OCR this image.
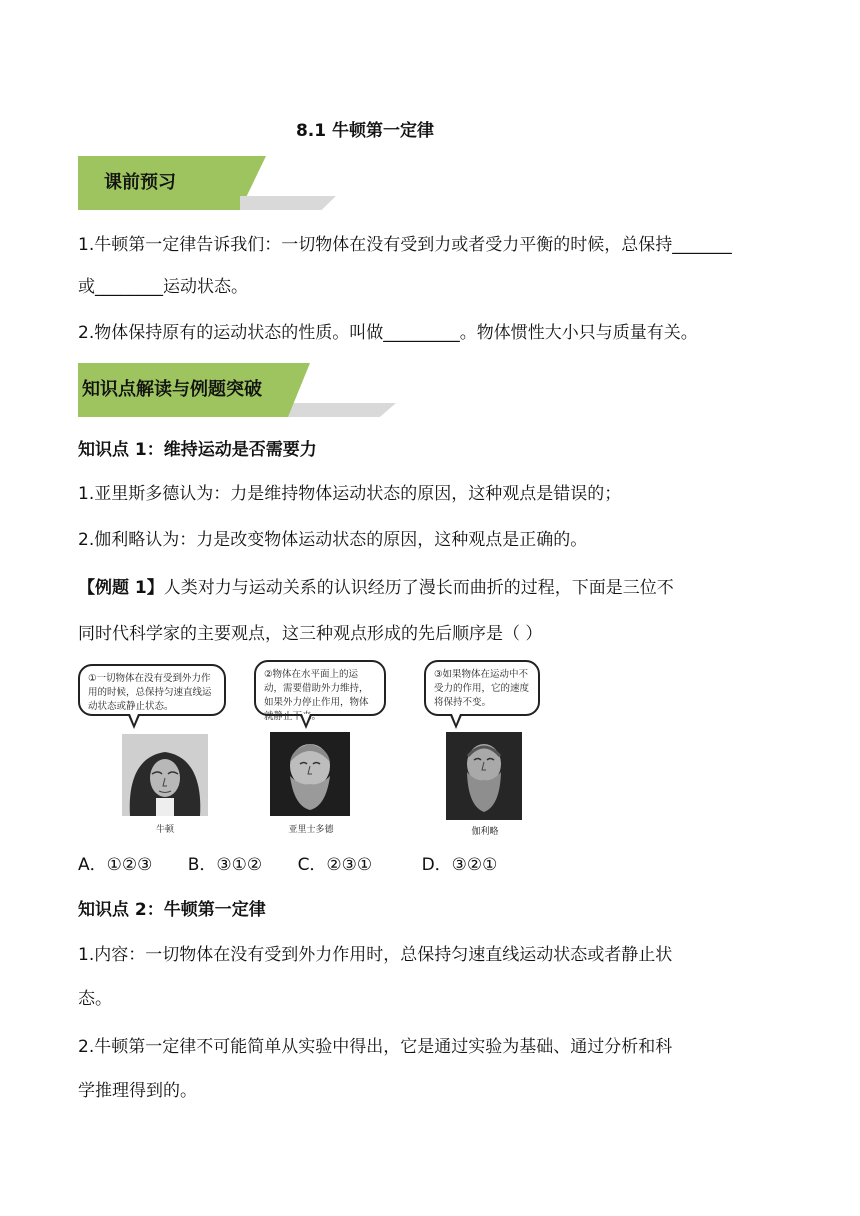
8.1 牛顿第一定律
课前预习
1.牛顿第一定律告诉我们：一切物体在没有受到力或者受力平衡的时候，总保持_______
或________运动状态。
2.物体保持原有的运动状态的性质。叫做_________。物体惯性大小只与质量有关。
知识点解读与例题突破
知识点 1：维持运动是否需要力
1.亚里斯多德认为：力是维持物体运动状态的原因，这种观点是错误的；
2.伽利略认为：力是改变物体运动状态的原因，这种观点是正确的。
【例题 1】人类对力与运动关系的认识经历了漫长而曲折的过程，下面是三位不
同时代科学家的主要观点，这三种观点形成的先后顺序是（ ）
①一切物体在没有受到外力作用的时候，总保持匀速直线运动状态或静止状态。
②物体在水平面上的运动，需要借助外力维持，如果外力停止作用，物体就静止下来。
③如果物体在运动中不受力的作用，它的速度将保持不变。
牛顿	亚里士多德	伽利略
A．①②③ B．③①② C．②③①	D．③②①
知识点 2：牛顿第一定律
1.内容：一切物体在没有受到外力作用时，总保持匀速直线运动状态或者静止状
态。
2.牛顿第一定律不可能简单从实验中得出，它是通过实验为基础、通过分析和科
学推理得到的。
